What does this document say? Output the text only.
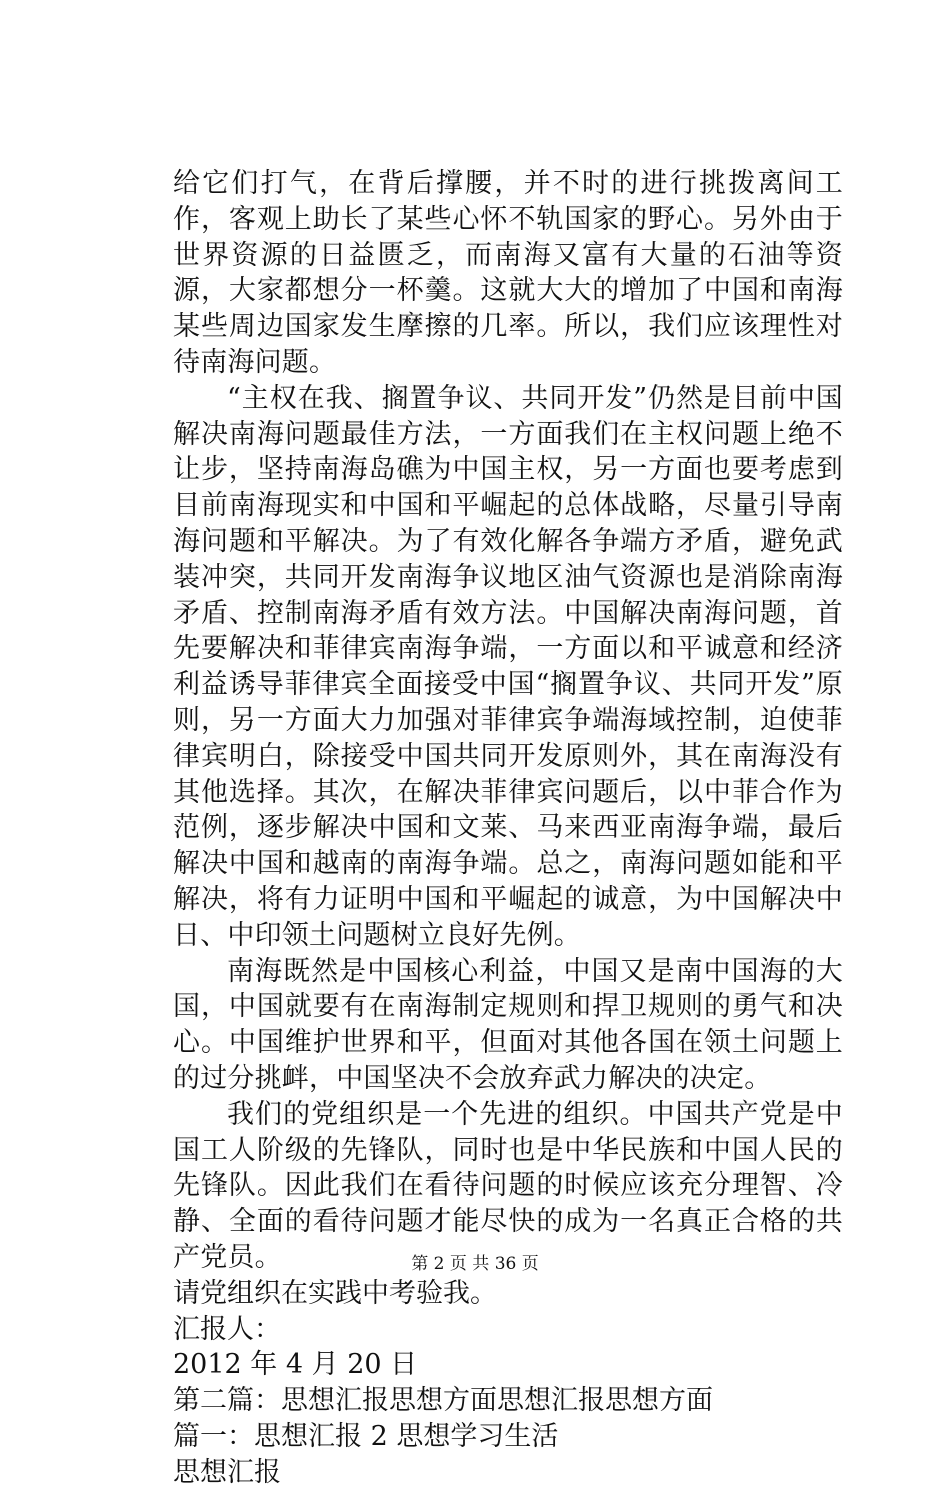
给它们打气，在背后撑腰，并不时的进行挑拨离间工作，客观上助长了某些心怀不轨国家的野心。另外由于世界资源的日益匮乏，而南海又富有大量的石油等资源，大家都想分一杯羹。这就大大的增加了中国和南海某些周边国家发生摩擦的几率。所以，我们应该理性对待南海问题。

“主权在我、搁置争议、共同开发”仍然是目前中国解决南海问题最佳方法，一方面我们在主权问题上绝不让步，坚持南海岛礁为中国主权，另一方面也要考虑到目前南海现实和中国和平崛起的总体战略，尽量引导南海问题和平解决。为了有效化解各争端方矛盾，避免武装冲突，共同开发南海争议地区油气资源也是消除南海矛盾、控制南海矛盾有效方法。中国解决南海问题，首先要解决和菲律宾南海争端，一方面以和平诚意和经济利益诱导菲律宾全面接受中国“搁置争议、共同开发”原则，另一方面大力加强对菲律宾争端海域控制，迫使菲律宾明白，除接受中国共同开发原则外，其在南海没有其他选择。其次，在解决菲律宾问题后，以中菲合作为范例，逐步解决中国和文莱、马来西亚南海争端，最后解决中国和越南的南海争端。总之，南海问题如能和平解决，将有力证明中国和平崛起的诚意，为中国解决中日、中印领土问题树立良好先例。

南海既然是中国核心利益，中国又是南中国海的大国，中国就要有在南海制定规则和捍卫规则的勇气和决心。中国维护世界和平，但面对其他各国在领土问题上的过分挑衅，中国坚决不会放弃武力解决的决定。

我们的党组织是一个先进的组织。中国共产党是中国工人阶级的先锋队，同时也是中华民族和中国人民的先锋队。因此我们在看待问题的时候应该充分理智、冷静、全面的看待问题才能尽快的成为一名真正合格的共产党员。

请党组织在实践中考验我。

汇报人：

2012 年 4 月 20 日

第二篇：思想汇报思想方面思想汇报思想方面

篇一：思想汇报 2 思想学习生活

思想汇报

第 2 页 共 36 页
